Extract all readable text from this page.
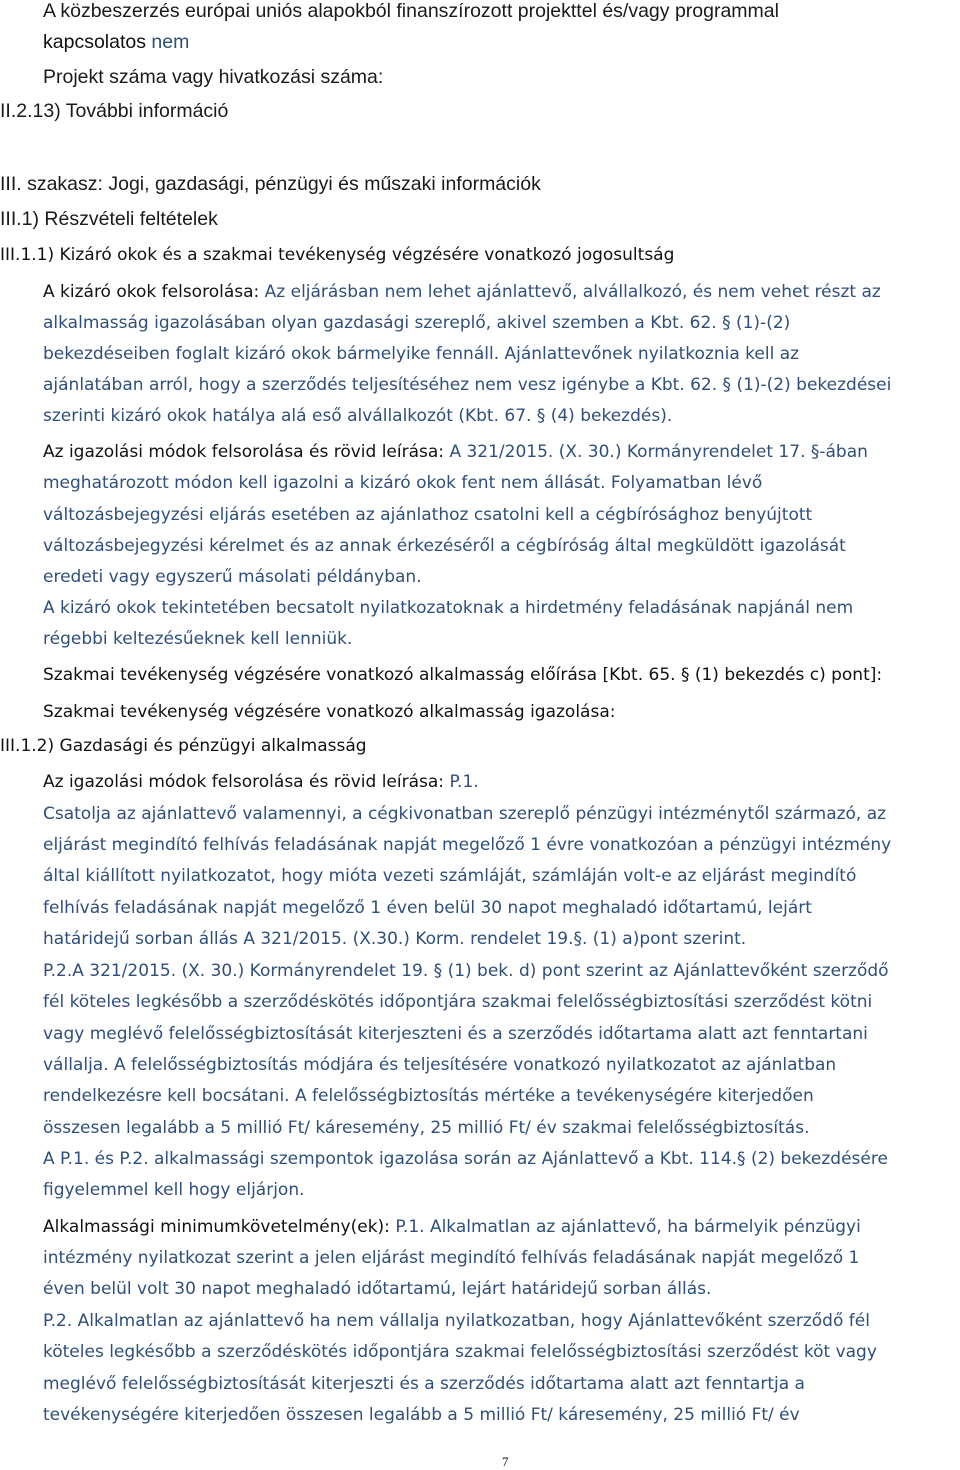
A közbeszerzés európai uniós alapokból finanszírozott projekttel és/vagy programmal
kapcsolatos nem
Projekt száma vagy hivatkozási száma:
II.2.13) További információ
III. szakasz: Jogi, gazdasági, pénzügyi és műszaki információk
III.1) Részvételi feltételek
III.1.1) Kizáró okok és a szakmai tevékenység végzésére vonatkozó jogosultság
A kizáró okok felsorolása: Az eljárásban nem lehet ajánlattevő, alvállalkozó, és nem vehet részt az
alkalmasság igazolásában olyan gazdasági szereplő, akivel szemben a Kbt. 62. § (1)-(2)
bekezdéseiben foglalt kizáró okok bármelyike fennáll. Ajánlattevőnek nyilatkoznia kell az
ajánlatában arról, hogy a szerződés teljesítéséhez nem vesz igénybe a Kbt. 62. § (1)-(2) bekezdései
szerinti kizáró okok hatálya alá eső alvállalkozót (Kbt. 67. § (4) bekezdés).
Az igazolási módok felsorolása és rövid leírása: A 321/2015. (X. 30.) Kormányrendelet 17. §-ában
meghatározott módon kell igazolni a kizáró okok fent nem állását. Folyamatban lévő
változásbejegyzési eljárás esetében az ajánlathoz csatolni kell a cégbírósághoz benyújtott
változásbejegyzési kérelmet és az annak érkezéséről a cégbíróság által megküldött igazolását
eredeti vagy egyszerű másolati példányban.
A kizáró okok tekintetében becsatolt nyilatkozatoknak a hirdetmény feladásának napjánál nem
régebbi keltezésűeknek kell lenniük.
Szakmai tevékenység végzésére vonatkozó alkalmasság előírása [Kbt. 65. § (1) bekezdés c) pont]:
Szakmai tevékenység végzésére vonatkozó alkalmasság igazolása:
III.1.2) Gazdasági és pénzügyi alkalmasság
Az igazolási módok felsorolása és rövid leírása: P.1.
Csatolja az ajánlattevő valamennyi, a cégkivonatban szereplő pénzügyi intézménytől származó, az
eljárást megindító felhívás feladásának napját megelőző 1 évre vonatkozóan a pénzügyi intézmény
által kiállított nyilatkozatot, hogy mióta vezeti számláját, számláján volt-e az eljárást megindító
felhívás feladásának napját megelőző 1 éven belül 30 napot meghaladó időtartamú, lejárt
határidejű sorban állás A 321/2015. (X.30.) Korm. rendelet 19.§. (1) a)pont szerint.
P.2.A 321/2015. (X. 30.) Kormányrendelet 19. § (1) bek. d) pont szerint az Ajánlattevőként szerződő
fél köteles legkésőbb a szerződéskötés időpontjára szakmai felelősségbiztosítási szerződést kötni
vagy meglévő felelősségbiztosítását kiterjeszteni és a szerződés időtartama alatt azt fenntartani
vállalja. A felelősségbiztosítás módjára és teljesítésére vonatkozó nyilatkozatot az ajánlatban
rendelkezésre kell bocsátani. A felelősségbiztosítás mértéke a tevékenységére kiterjedően
összesen legalább a 5 millió Ft/ káresemény, 25 millió Ft/ év szakmai felelősségbiztosítás.
A P.1. és P.2. alkalmassági szempontok igazolása során az Ajánlattevő a Kbt. 114.§ (2) bekezdésére
figyelemmel kell hogy eljárjon.
Alkalmassági minimumkövetelmény(ek): P.1. Alkalmatlan az ajánlattevő, ha bármelyik pénzügyi
intézmény nyilatkozat szerint a jelen eljárást megindító felhívás feladásának napját megelőző 1
éven belül volt 30 napot meghaladó időtartamú, lejárt határidejű sorban állás.
P.2. Alkalmatlan az ajánlattevő ha nem vállalja nyilatkozatban, hogy Ajánlattevőként szerződő fél
köteles legkésőbb a szerződéskötés időpontjára szakmai felelősségbiztosítási szerződést köt vagy
meglévő felelősségbiztosítását kiterjeszti és a szerződés időtartama alatt azt fenntartja a
tevékenységére kiterjedően összesen legalább a 5 millió Ft/ káresemény, 25 millió Ft/ év
7
